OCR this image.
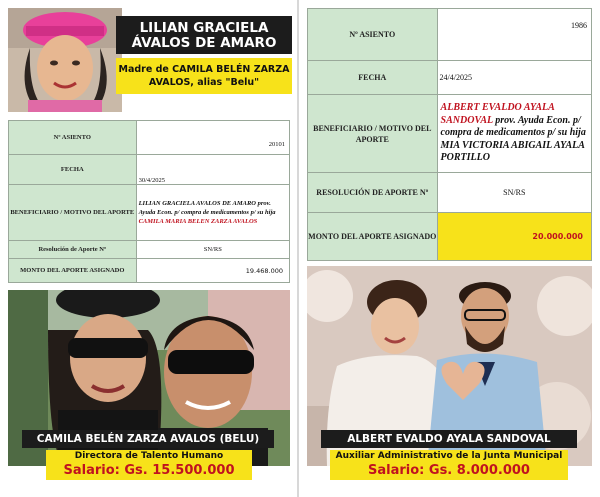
LILIAN GRACIELA ÁVALOS DE AMARO
Madre de CAMILA BELÉN ZARZA AVALOS, alias "Belu"
Nº ASIENTO	20101
FECHA	30/4/2025
BENEFICIARIO / MOTIVO DEL APORTE	LILIAN GRACIELA AVALOS DE AMARO prov. Ayuda Econ. p/ compra de medicamentos p/ su hija CAMILA MARIA BELEN ZARZA AVALOS
Resolución de Aporte Nº	SN/RS
MONTO DEL APORTE ASIGNADO	19.468.000
Nº ASIENTO	1986
FECHA	24/4/2025
BENEFICIARIO / MOTIVO DEL APORTE	ALBERT EVALDO AYALA SANDOVAL prov. Ayuda Econ. p/ compra de medicamentos p/ su hija MIA VICTORIA ABIGAIL AYALA PORTILLO
RESOLUCIÓN DE APORTE Nº	SN/RS
MONTO DEL APORTE ASIGNADO	20.000.000
CAMILA BELÉN ZARZA AVALOS (BELU)
Directora de Talento Humano
Salario: Gs. 15.500.000
ALBERT EVALDO AYALA SANDOVAL
Auxiliar Administrativo de la Junta Municipal
Salario: Gs. 8.000.000
